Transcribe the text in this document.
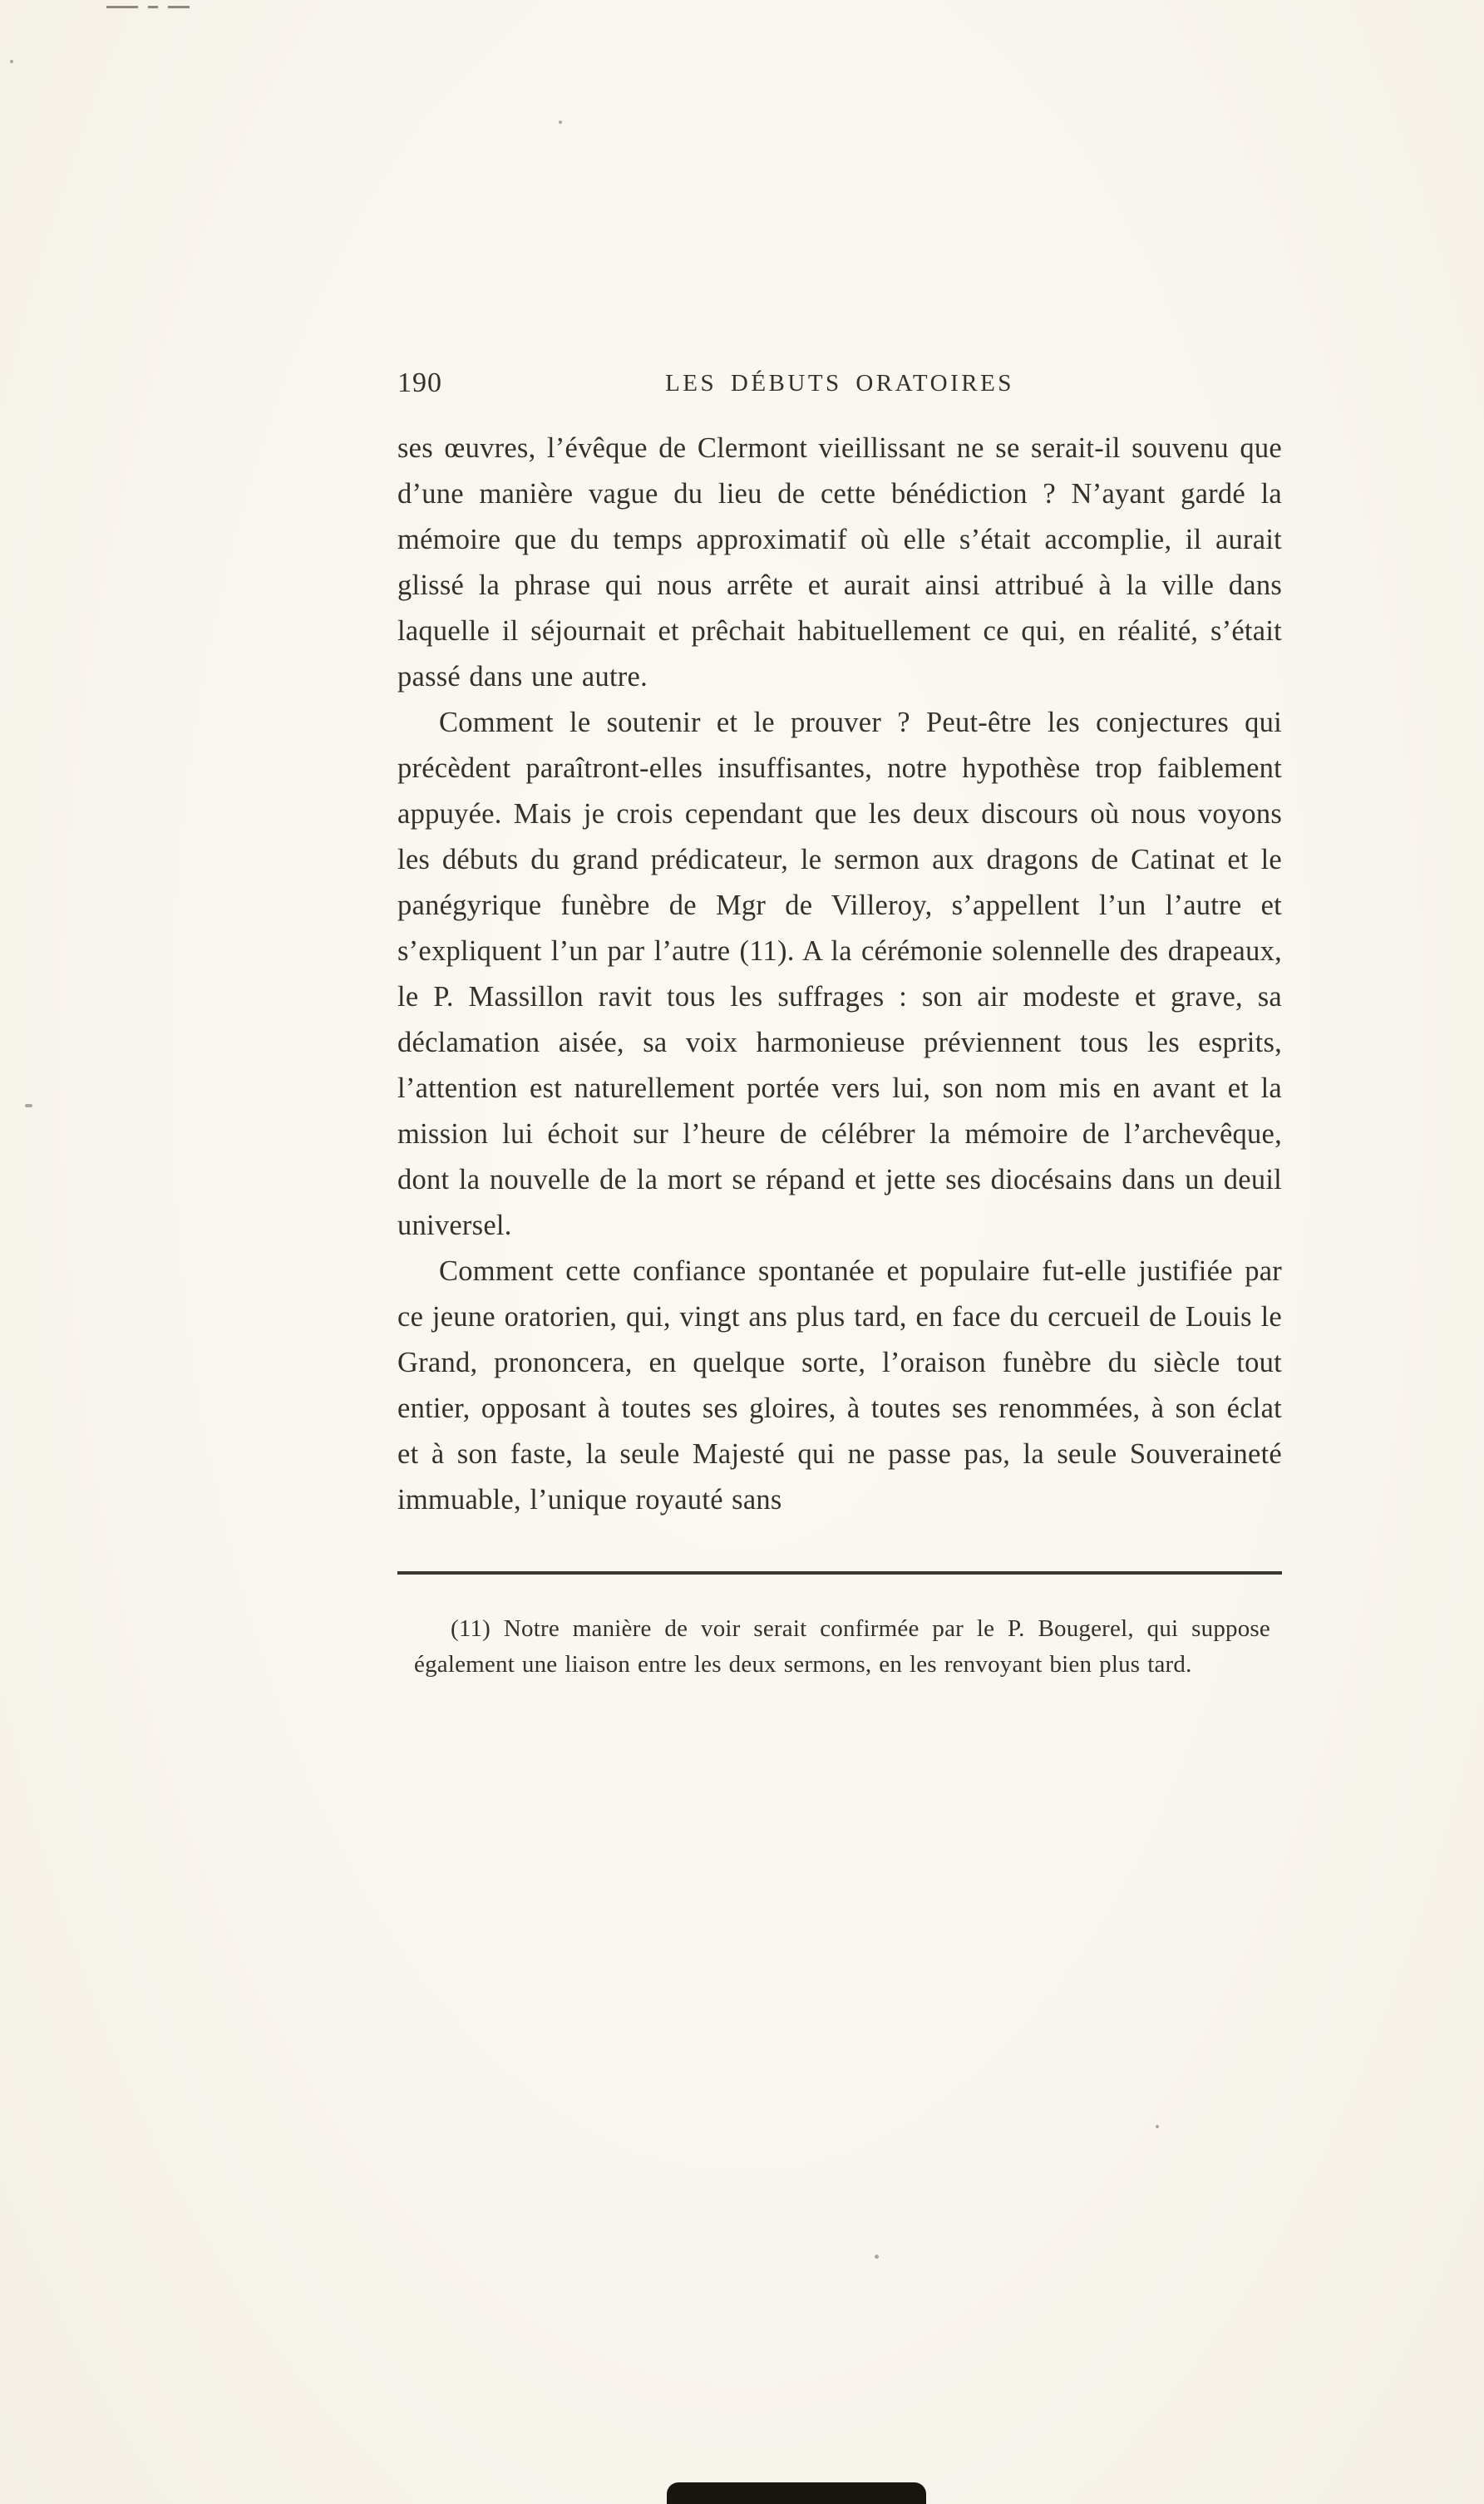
190	LES DÉBUTS ORATOIRES

ses œuvres, l’évêque de Clermont vieillissant ne se serait-il souvenu que d’une manière vague du lieu de cette bénédiction ? N’ayant gardé la mémoire que du temps approximatif où elle s’était accomplie, il aurait glissé la phrase qui nous arrête et aurait ainsi attribué à la ville dans laquelle il séjournait et prêchait habituellement ce qui, en réalité, s’était passé dans une autre.

Comment le soutenir et le prouver ? Peut-être les conjectures qui précèdent paraîtront-elles insuffisantes, notre hypothèse trop faiblement appuyée. Mais je crois cependant que les deux discours où nous voyons les débuts du grand prédicateur, le sermon aux dragons de Catinat et le panégyrique funèbre de Mgr de Villeroy, s’appellent l’un l’autre et s’expliquent l’un par l’autre (11). A la cérémonie solennelle des drapeaux, le P. Massillon ravit tous les suffrages : son air modeste et grave, sa déclamation aisée, sa voix harmonieuse préviennent tous les esprits, l’attention est naturellement portée vers lui, son nom mis en avant et la mission lui échoit sur l’heure de célébrer la mémoire de l’archevêque, dont la nouvelle de la mort se répand et jette ses diocésains dans un deuil universel.

Comment cette confiance spontanée et populaire fut-elle justifiée par ce jeune oratorien, qui, vingt ans plus tard, en face du cercueil de Louis le Grand, prononcera, en quelque sorte, l’oraison funèbre du siècle tout entier, opposant à toutes ses gloires, à toutes ses renommées, à son éclat et à son faste, la seule Majesté qui ne passe pas, la seule Souveraineté immuable, l’unique royauté sans

(11) Notre manière de voir serait confirmée par le P. Bougerel, qui suppose également une liaison entre les deux sermons, en les renvoyant bien plus tard.
